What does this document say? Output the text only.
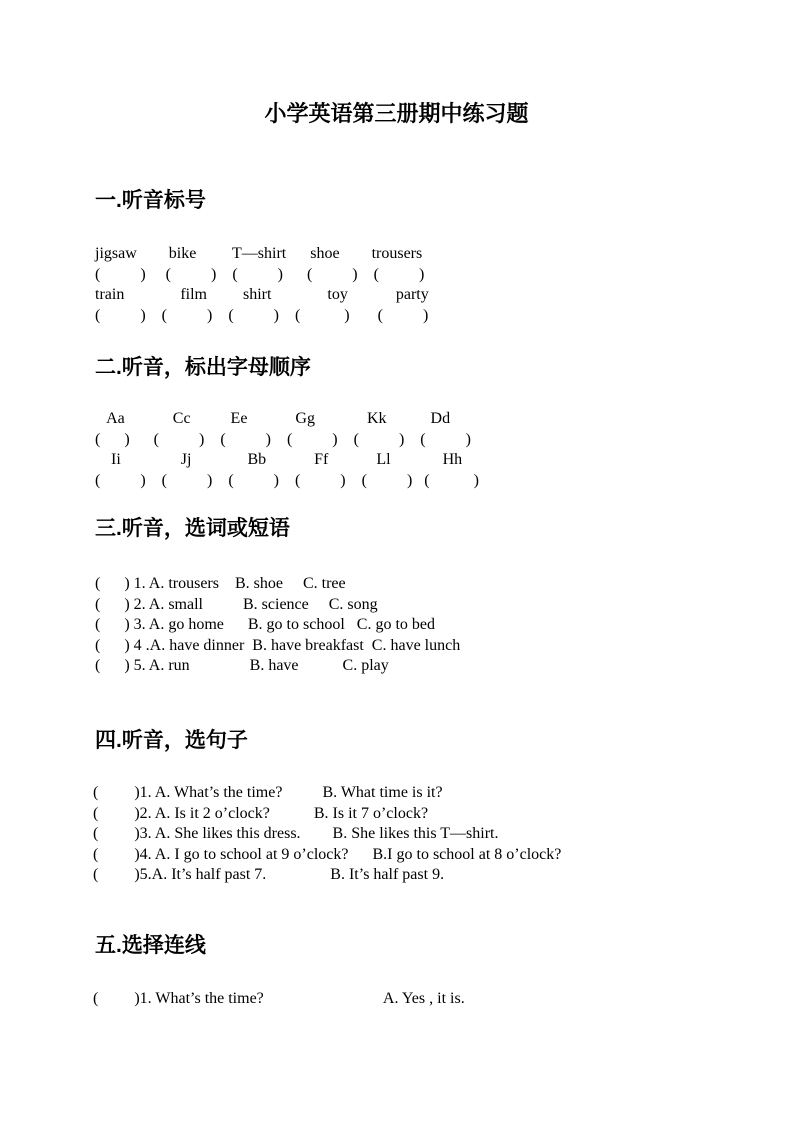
小学英语第三册期中练习题
一.听音标号
jigsaw        bike         T—shirt      shoe        trousers
(          )     (          )    (          )      (          )    (          )
train              film         shirt              toy            party
(          )    (          )    (          )    (           )       (          )
二.听音，标出字母顺序
Aa            Cc          Ee            Gg             Kk           Dd
(      )      (          )    (          )    (          )    (          )    (          )
Ii               Jj              Bb            Ff            Ll             Hh
(          )    (          )    (          )    (          )    (          )   (           )
三.听音，选词或短语
(      ) 1. A. trousers    B. shoe     C. tree
(      ) 2. A. small          B. science     C. song
(      ) 3. A. go home      B. go to school   C. go to bed
(      ) 4 .A. have dinner  B. have breakfast  C. have lunch
(      ) 5. A. run               B. have           C. play
四.听音，选句子
(         )1. A. What’s the time?          B. What time is it?
(         )2. A. Is it 2 o’clock?           B. Is it 7 o’clock?
(         )3. A. She likes this dress.        B. She likes this T—shirt.
(         )4. A. I go to school at 9 o’clock?      B.I go to school at 8 o’clock?
(         )5.A. It’s half past 7.                B. It’s half past 9.
五.选择连线
(         )1. What’s the time?                              A. Yes , it is.
